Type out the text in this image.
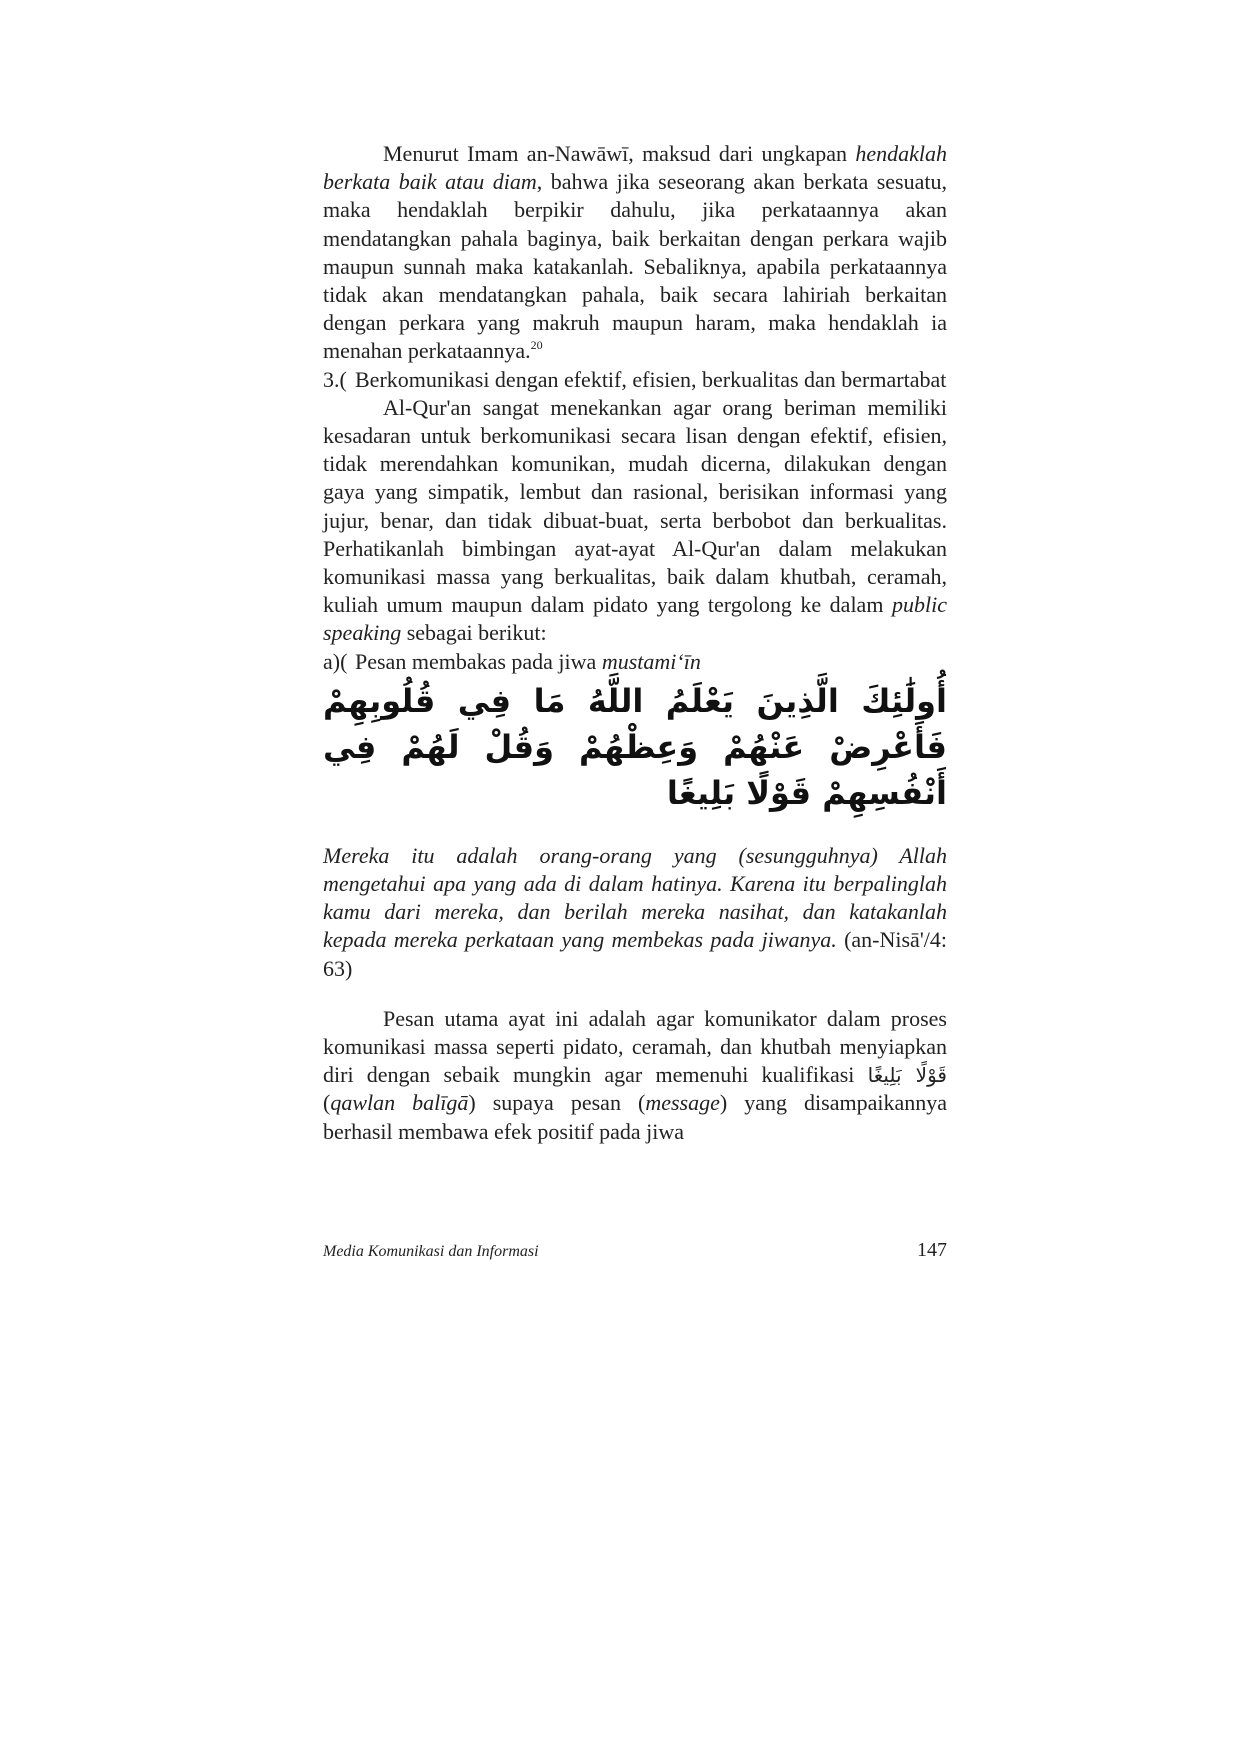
Menurut Imam an-Nawāwī, maksud dari ungkapan hendaklah berkata baik atau diam, bahwa jika seseorang akan berkata sesuatu, maka hendaklah berpikir dahulu, jika perkataannya akan mendatangkan pahala baginya, baik berkaitan dengan perkara wajib maupun sunnah maka katakanlah. Sebaliknya, apabila perkataannya tidak akan mendatangkan pahala, baik secara lahiriah berkaitan dengan perkara yang makruh maupun haram, maka hendaklah ia menahan perkataannya.$^{20}$

3.( Berkomunikasi dengan efektif, efisien, berkualitas dan bermartabat

Al-Qur'an sangat menekankan agar orang beriman memiliki kesadaran untuk berkomunikasi secara lisan dengan efektif, efisien, tidak merendahkan komunikan, mudah dicerna, dilakukan dengan gaya yang simpatik, lembut dan rasional, berisikan informasi yang jujur, benar, dan tidak dibuat-buat, serta berbobot dan berkualitas. Perhatikanlah bimbingan ayat-ayat Al-Qur'an dalam melakukan komunikasi massa yang berkualitas, baik dalam khutbah, ceramah, kuliah umum maupun dalam pidato yang tergolong ke dalam public speaking sebagai berikut:

a)( Pesan membakas pada jiwa mustami‘īn

أُولَٰئِكَ الَّذِينَ يَعْلَمُ اللَّهُ مَا فِي قُلُوبِهِمْ فَأَعْرِضْ عَنْهُمْ وَعِظْهُمْ وَقُلْ لَهُمْ فِي أَنْفُسِهِمْ قَوْلًا بَلِيغًا

Mereka itu adalah orang-orang yang (sesungguhnya) Allah mengetahui apa yang ada di dalam hatinya. Karena itu berpalinglah kamu dari mereka, dan berilah mereka nasihat, dan katakanlah kepada mereka perkataan yang membekas pada jiwanya. (an-Nisā'/4: 63)

Pesan utama ayat ini adalah agar komunikator dalam proses komunikasi massa seperti pidato, ceramah, dan khutbah menyiapkan diri dengan sebaik mungkin agar memenuhi kualifikasi قَوْلًا بَلِيغًا (qawlan balīgā) supaya pesan (message) yang disampaikannya berhasil membawa efek positif pada jiwa

Media Komunikasi dan Informasi	147
